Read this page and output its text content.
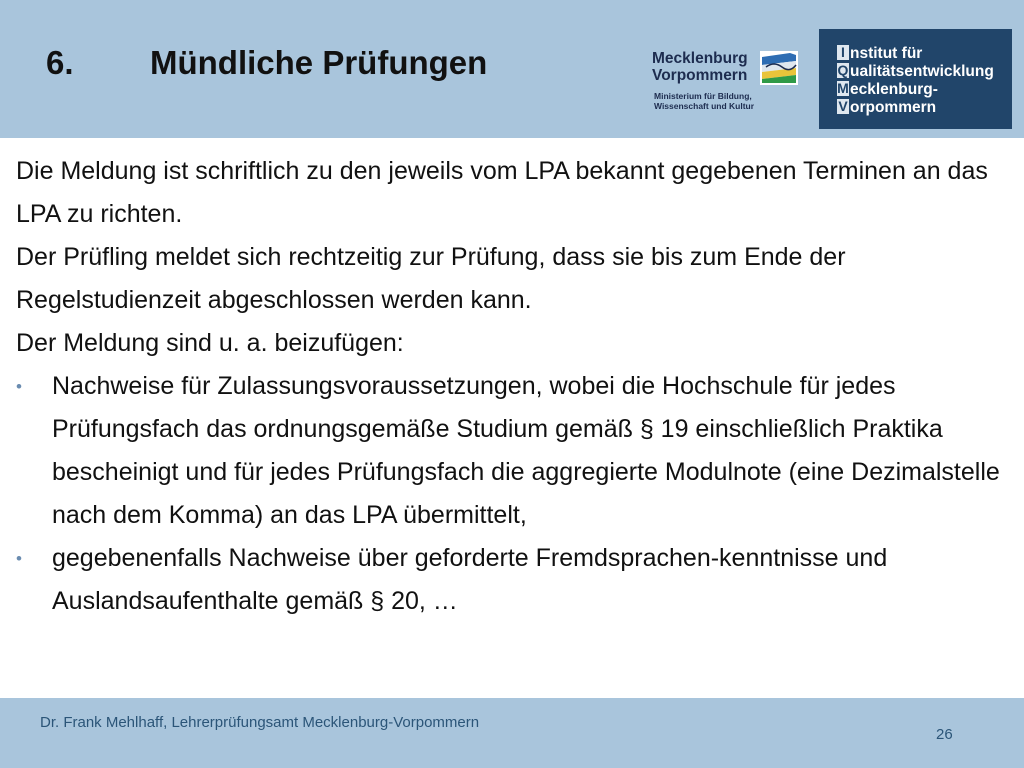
6. Mündliche Prüfungen	Mecklenburg
Vorpommern
Ministerium für Bildung,
Wissenschaft und Kultur
I nstitut für
Q ualitätsentwicklung
Mecklenburg-
V orpommern

Die Meldung ist schriftlich zu den jeweils vom LPA bekannt gegebenen Terminen an das LPA zu richten.

Der Prüfling meldet sich rechtzeitig zur Prüfung, dass sie bis zum Ende der Regelstudienzeit abgeschlossen werden kann.

Der Meldung sind u. a. beizufügen:

• Nachweise für Zulassungsvoraussetzungen, wobei die Hochschule für jedes Prüfungsfach das ordnungsgemäße Studium gemäß § 19 einschließlich Praktika bescheinigt und für jedes Prüfungsfach die aggregierte Modulnote (eine Dezimalstelle nach dem Komma) an das LPA übermittelt,
• gegebenenfalls Nachweise über geforderte Fremdsprachen-kenntnisse und Auslandsaufenthalte gemäß § 20, …
Dr. Frank Mehlhaff, Lehrerprüfungsamt Mecklenburg-Vorpommern
26
